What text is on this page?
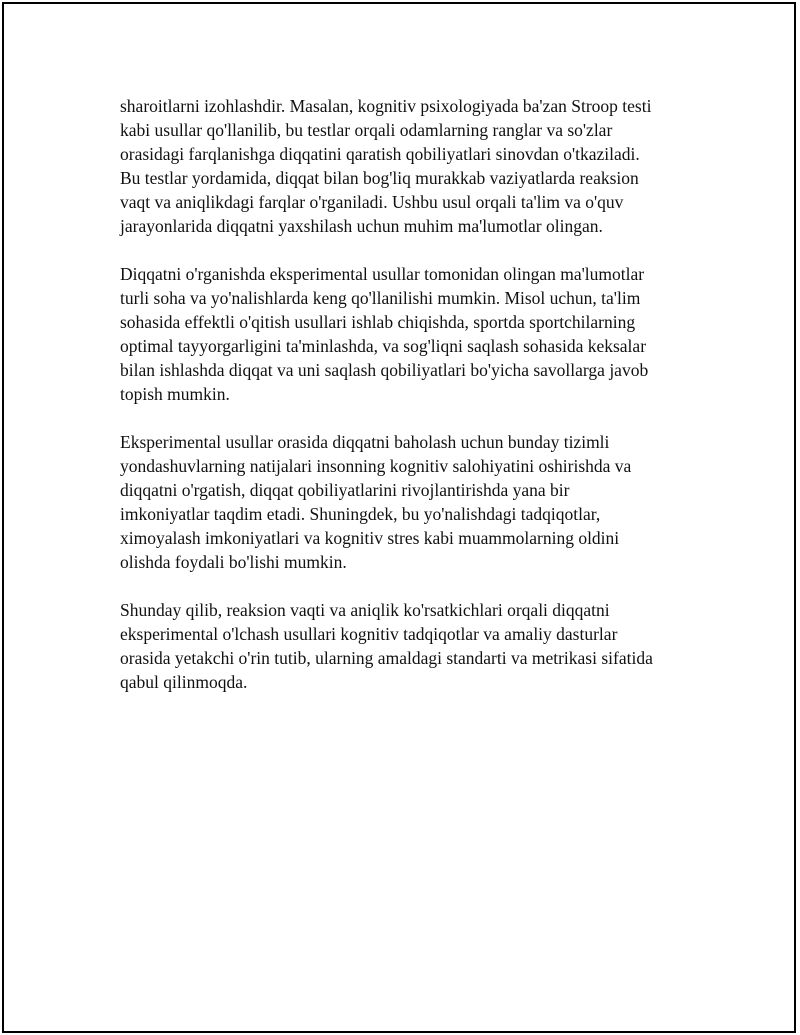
sharoitlarni izohlashdir. Masalan, kognitiv psixologiyada ba'zan Stroop testi
kabi usullar qo'llanilib, bu testlar orqali odamlarning ranglar va so'zlar
orasidagi farqlanishga diqqatini qaratish qobiliyatlari sinovdan o'tkaziladi.
Bu testlar yordamida, diqqat bilan bog'liq murakkab vaziyatlarda reaksion
vaqt va aniqlikdagi farqlar o'rganiladi. Ushbu usul orqali ta'lim va o'quv
jarayonlarida diqqatni yaxshilash uchun muhim ma'lumotlar olingan.

Diqqatni o'rganishda eksperimental usullar tomonidan olingan ma'lumotlar
turli soha va yo'nalishlarda keng qo'llanilishi mumkin. Misol uchun, ta'lim
sohasida effektli o'qitish usullari ishlab chiqishda, sportda sportchilarning
optimal tayyorgarligini ta'minlashda, va sog'liqni saqlash sohasida keksalar
bilan ishlashda diqqat va uni saqlash qobiliyatlari bo'yicha savollarga javob
topish mumkin.

Eksperimental usullar orasida diqqatni baholash uchun bunday tizimli
yondashuvlarning natijalari insonning kognitiv salohiyatini oshirishda va
diqqatni o'rgatish, diqqat qobiliyatlarini rivojlantirishda yana bir
imkoniyatlar taqdim etadi. Shuningdek, bu yo'nalishdagi tadqiqotlar,
ximoyalash imkoniyatlari va kognitiv stres kabi muammolarning oldini
olishda foydali bo'lishi mumkin.

Shunday qilib, reaksion vaqti va aniqlik ko'rsatkichlari orqali diqqatni
eksperimental o'lchash usullari kognitiv tadqiqotlar va amaliy dasturlar
orasida yetakchi o'rin tutib, ularning amaldagi standarti va metrikasi sifatida
qabul qilinmoqda.
